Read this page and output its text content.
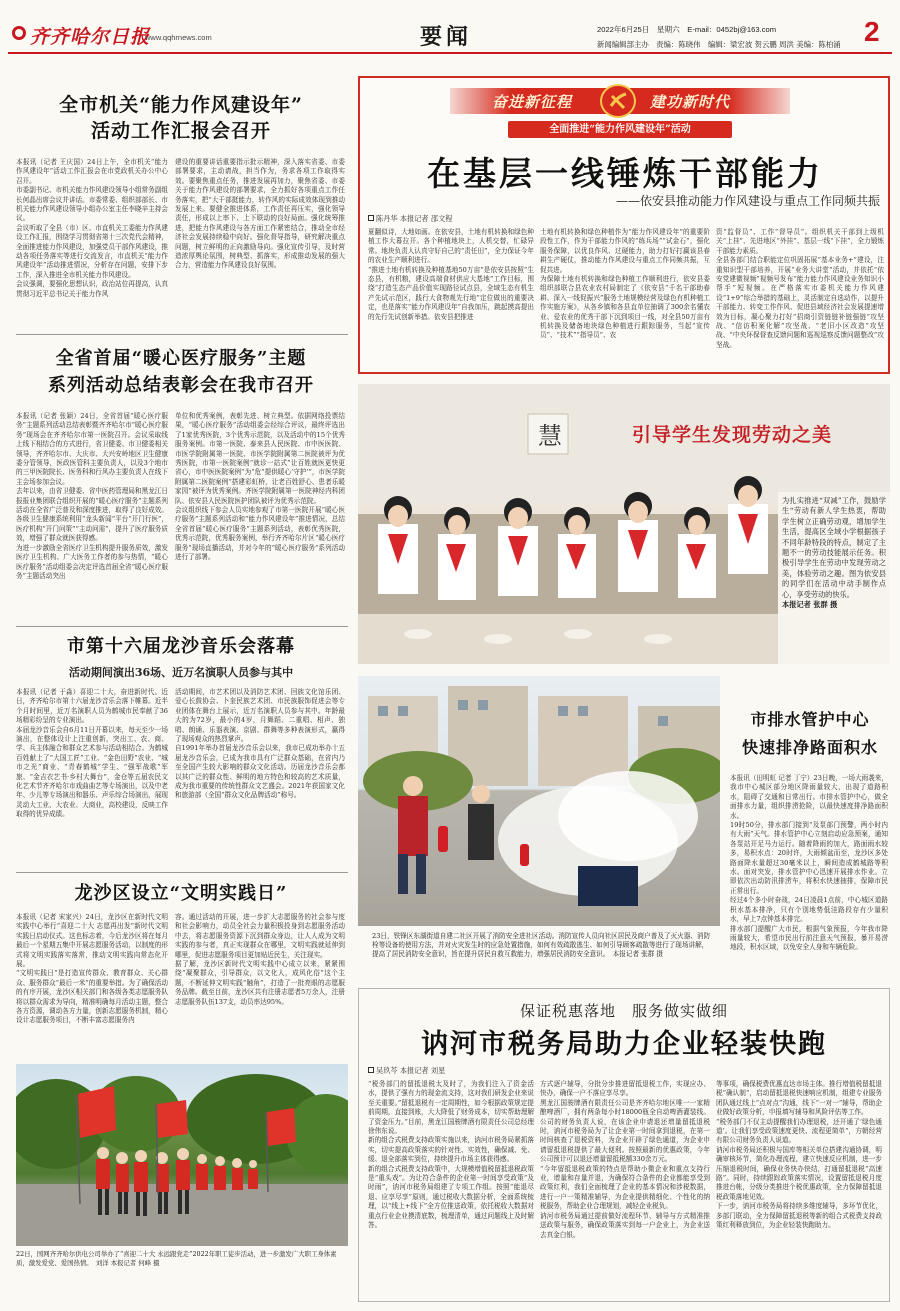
齐齐哈尔日报
www.qqhrnews.com	要闻	2022年6月25日　星期六　E-mail：0452bj@163.com
新闻编辑部主办　责编：陈晓伟　编辑：梁宏波 贺云鹏 周洪 美编：陈柏涌 2
全市机关“能力作风建设年”
活动工作汇报会召开
本报讯（记者 王庆国）24日上午，全市机关“能力作风建设年”活动工作汇报会在市党政机关办公中心召开。
市委副书记、市机关能力作风建设领导小组常务副组长何晶出席会议并讲话。市委常委、组织部部长、市机关能力作风建设领导小组办公室主任李晓辛主持会议。
会议听取了全县（市）区、市直机关工委能力作风建设工作汇报，围绕学习贯彻省第十三次党代会精神，全面推进能力作风建设，加强党员干部作风建设，推动各项任务落实等进行交流发言，市直机关“能力作风建设年”活动推进情况，分析存在问题，安排下步工作，深入推进全市机关能力作风建设。
会议强调，要强化思想认识，政治站位再提高，认真贯彻习近平总书记关于能力作风
建设的重要讲话重要指示批示精神，深入落实省委、市委部署要求，主动请战，担当作为，务求各项工作取得实效。要聚焦重点任务，推进发展再加力，聚焦省委、市委关于能力作风建设的部署要求，全力抓好各项重点工作任务落实，把“大干部挺能力，转作风的实际成效体现到推动发展上来。要健全推进体系，工作责任再压实，强化领导责任，形成以上率下、上下联动的良好局面。强化统筹推进，把能力作风建设与各方面工作紧密结合，推动全市经济社会发展持续稳中向好。强化督导指导，研究解决重点问题，树立鲜明的正向激励导向。强化宣传引导，及时营造浓厚舆论氛围，树典型、抓落实，形成推动发展的强大合力，营造能力作风建设良好氛围。
全省首届“暖心医疗服务”主题
系列活动总结表彰会在我市召开
本报讯（记者 张颖）24日，全省首届“暖心医疗服务”主题系列活动总结表彰暨齐齐哈尔市“暖心医疗服务”现场会在齐齐哈尔市第一医院召开。会议采取线上线下相结合的方式进行，省卫健委、市卫健委相关领导，齐齐哈尔市、大庆市、大兴安岭地区卫生健康委分管领导，医政医管科主要负责人，以及3个地市的三甲医院院长、医务科和行风办主要负责人在线下主会场参加会议。
去年以来，由省卫健委、省中医药管理局和黑龙江日报报业集团联合组织开展的“暖心医疗服务”主题系列活动在全省广泛普及和深度推进，取得了良好成效。各级卫生健康系统利用“龙头新闻”平台“开门行医”，医疗机构“开门问策”“主动问需”，提升了医疗服务质效，增强了群众就医获得感。
为进一步激励全省医疗卫生机构提升服务质效，激发医疗卫生机构、广大医务工作者的参与热情，“暖心医疗服务”活动组委会决定评选首届全省“暖心医疗服务”主题活动突出
单位和优秀案例，表彰先进、树立典型。依据网络投票结果，“暖心医疗服务”活动组委会经综合评议，最终评选出了1家优秀医院，3个优秀示范院，以及活动中的15个优秀服务案例。市第一医院、泰来县人民医院、市中医医院、市医学院附属第一医院、市医学院附属第二医院被评为优秀医院，市第一医院案例“就诊一站式”让百姓就医更快更省心，市中医医院案例“为“危”提供暖心‘守护’”，市医学院附属第二医院案例“搭建彩虹桥，让老百姓舒心、患者乐暖家园”被评为优秀案例。齐医学院附属第一医院神经内科团队、依安县人民医院医护团队被评为优秀示范院。
会议组织线下参会人员实地参观了市第一医院开展“暖心医疗服务”主题系列活动和“能力作风建设年”推进情况，总结全省首届“暖心医疗服务”主题系列活动，表彰优秀医院，优秀示范院，优秀服务案例，举行齐齐哈尔片区“暖心医疗服务”现场直播活动，并对今年的“暖心医疗服务”系列活动进行了部署。
市第十六届龙沙音乐会落幕
活动期间演出36场、近万名演职人员参与其中
本报讯（记者 于淼）喜迎二十大，奋进新时代。近日，齐齐哈尔市第十六届龙沙音乐会落下帷幕。近半个月时间里，近万名演职人员为鹤城市民奉献了36场精彩纷呈的专业演出。
本届龙沙音乐会自6月11日开幕以来，每天至少一场演出，在整体设计上注重创新，突出工、农、商、学、兵主体融合和群众艺术参与活动相结合。为鹤城百姓献上了“大国工匠”工业、“金色田野”农业、“城市之光”商业、“青春鹤城”学生、“强军战歌”军旅、“金吉衣艺书·乡村大舞台”，金仓等五届农民文化艺术节齐齐哈尔市戏曲曲艺等专场演出，以及中老年、少儿等专场演出和器乐、声乐综合场演出，展现灵动大工业、大农业、大商业，高校建设，反映工作取得的优异成绩。
活动期间，市艺术团以及消防艺术团、回族文化馆乐团、爱心长鼓协会、卜奎民族艺术团、市民族服饰促进会等专业团体在舞台上展示，近万名演职人员参与其中。年龄最大的为72岁，最小的4岁，月舞蹈、二重唱、相声、独唱、朗诵、乐器表演、京剧、群舞等多种表演形式，赢得了现场观众的热烈掌声。
自1991年举办首届龙沙音乐会以来，我市已成功举办十五届龙沙音乐会，已成为我市具有广泛群众基础，在省内乃至全国产生较大影响的群众文化活动。历届龙沙音乐会都以其广泛的群众性、鲜明的地方特色和较高的艺术质量，成为我市重要的传统性群众文艺盛会。2021年获国家文化和旅游部（全国“群众文化品牌活动”称号。
龙沙区设立“文明实践日”
本报讯（记者 宋家兴）24日，龙沙区在新时代文明实践中心举行“喜迎二十大 志愿再出发”新时代文明实践日启动仪式。这也标志着，今后龙沙区将在每月最后一个星期五集中开展志愿服务活动，以制度的形式将文明实践落实落常，推动文明实践向常态化开展。
“文明实践日”是打造宣传群众、教育群众、关心群众、服务群众“最后一米”的重要举措。为了确保活动的有序开展，龙沙区相关部门和各级各类志愿服务队将以群众需求为导向，精准明确每月活动主题，整合各方资源，调动各方力量，创新志愿服务机制，精心设计志愿服务项目，不断丰富志愿服务内
容。通过活动的开展，进一步扩大志愿服务的社会参与度和社会影响力，动员全社会力量积极投身到志愿服务活动中去，将志愿服务资源下沉到群众身边，让人人成为文明实践的参与者，真正实现群众在哪里，文明实践就延伸到哪里，促进志愿服务项目更加贴近民生，关注现实。
据了解，龙沙区新时代文明实践中心成立以来，紧紧围绕“凝聚群众，引导群众，以文化人，成风化俗”这个主题，不断延伸文明实践“触角”，打造了一批亮眼的志愿服务品牌。截至目前，龙沙区共有注册志愿者5万余人，注册志愿服务队伍137支，动员率达95%。
22日，国网齐齐哈尔供电公司举办了“喜迎二十大 永远跟党走”2022年职工徒步活动，进一步激发广大职工身体素质，激发爱党、爱国热情。　刘洋 本报记者 何峰 摄
奋进新征程	建功新时代
全面推进“能力作风建设年”活动
在基层一线锤炼干部能力
——依安县推动能力作风建设与重点工作同频共振
陈丹华 本报记者 邵文程
夏翻似诗，大地如画。在依安县，土地有机转换和绿色种植工作大幕拉开。各个种植地块上，人机交替，忙碌异常。地块负责人认真守好自己的“责任田”，全力保证今年的农业生产顺利进行。
“推进土地有机转换及种植基地50万亩”是依安县按照“生态县，有机粮，建设高端食材供应大基地”工作目标，围绕“打造生态产品价值实现路径试点县，全域生态有机生产先试示范区，践行大食物观先行地”定位做出的重要决定，也是落实“能力作风建设年”自我加压，跳起摸高提出的先行先试创新举措。依安县把推进
土地有机转换和绿色种植作为“能力作风建设年”的重要阶段性工作，作为干部能力作风的“练兵场”“试金石”，强化服务保障，以优良作风、过硬能力，助力打好打赢该县春耕生产硬仗，推动能力作风建设与重点工作同频共振，互促共进。
为保障土地有机转换和绿色种植工作顺利进行，依安县委组织部联合县农业农村局制定了《依安县“千名干部助春耕、深入一线促振兴”服务土地规模经营及绿色有机种植工作实施方案》，从各乡镇和各县直单位抽调了300余名懂农业、爱农业的优秀干部下沉到项目一线，对全县50万亩有机转换及储备地块绿色种植进行跟踪服务，当起“宣传员”、“技术”“指导员”、农
资“监督员”、工作“督导员”。组织机关干部到上级机关“上挂”、先进地区“外挂”、基层一线“下挂”，全力锻炼干部能力素质。
全县各部门结合职能定位巩固拓展“基本业务+”建设，注重知识型干部培养，开展“业务大讲堂”活动，并依托“依安党建微视频”视频号发布“能力能力作风建设业务知识小帮手”短视频。在严格落实市委机关能力作风建设“1+9”综合举措的基础上，灵活制定自选动作，以提升干部能力、转变工作作风、促进县域经济社会发展提速增效为目标，凝心聚力打好“招商引资链链补链强链”攻坚战、“信访积案化解”攻坚战、“老旧小区改造”攻坚战、“中央环保督查反馈问题和巡视巡察反馈问题整改”攻坚战。
慧	引导学生发现劳动之美
为扎实推进“双减”工作，鼓励学生“劳动有新人学生热衷，帮助学生树立正确劳动观，增加学生生活，提高区全域小学根据孩子不同年龄特段的特点，制定了主题不一的劳动技能展示任务。积极引导学生在劳动中发现劳动之美，体验劳动之趣。图为依安县的同学们在活动中动手制作点心，享受劳动的快乐。
本报记者 张群 摄
23日，铁锋区东湖街道自建二社区开展了消防安全进社区活动。消防宣传人员向社区居民及商户普及了灭火器、消防栓等设备的使用方法，并对火灾发生时的应急处置措施，如何有效疏散逃生、如何引导顾客疏散等进行了现场讲解，提高了居民消防安全意识，旨在提升居民自救互救能力，增强居民消防安全意识。　本报记者 张群 摄
市排水管护中心
快速排净路面积水
本报讯（田明虹 记者 丁宁）23日晚，一场大雨袭来，我市中心城区部分地区降雨量较大，出现了道路积水，阻碍了交通和日常出行。市排水管护中心，做全面排水力量，组织排涝抢险，以最快速度排净路面积水。
19时50分，排水部门接到“及泵部门预警，两小时内有大雨”天气。排水管护中心立刻启动应急预案，通知各泵站开足马力运行。随着降雨的加大，路面雨水较多，易积水点：20时许，大雨倾盆而至，龙沙区多处路面降水量超过30毫米以上，瞬间造成鹤城路等积水。面对突发，排水管护中心迅速开展排水作业。立即依次出动防汛排涝车，将积水快速抽排，保障市民正常出行。
经过4个多小时奋战，24日凌晨1点前，中心城区道路积水基本排净，只有个别地势低洼路段存有少量积水，早上7点钟基本排完。
排水部门提醒广大市民，根据气象预报，今年我市降雨量较大，希望市民出行前注意天气预报，暴开易涝地段，积水区域，以免安全人身和车辆危险。
保证税惠落地　服务做实做细
讷河市税务局助力企业轻装快跑
吴玖芩 本报记者 刘星
“税务部门的留抵退税太及时了，为我们注入了资金活水，提供了强有力的现金流支持，这对我们研发企业来说至关重要。”留抵退税有一定周期性，如今根据政策规定提前周期，直接到账，大大降低了财务成本，切实帮助理解了资金压力。”目前，黑龙江国骏牌酒有限责任公司总经理徐伟东说。
新的组合式税费支持政策实施以来，讷河市税务局紧抓落实，切实提高政策落实的针对性、实效性，确保减、免、缓、退全部落实到位，持续提升市场主体获得感。
新的组合式税费支持政策中，大规模增值税留抵退税政策是“重头戏”。为让符合条件的企业第一时间享受政策“及时雨”，讷河市税务局组建了专项工作组。按照“能退尽退、应享尽享”原则，通过税收大数据分析，全面系统梳理，以“线上+线下”全方位推送政策，依托税收大数据对重点行业企业摸清底数，梳理清单，通过问题线上及时解答。
方式逐户辅导，分批分步推进留抵退税工作，实现应办、快办，确保一户不落应享尽享。
黑龙江国骏牌酒有限责任公司是齐齐哈尔地区唯一一家精酿啤酒厂，拥有两条每小时18000瓶全自动啤酒灌装线。公司的财务负责人说，在该企业申请退还增量留抵退税时，讷河市税务局为了让企业第一时间拿到退税，在第一时间核查了退税资料，为企业开辟了绿色通道，为企业申请留抵退税提供了最大便利。按照最新的优惠政策，今年公司预计可以退还增量留抵税额330余万元。
“今年留抵退税政策的特点是帮助小微企业和重点支持行业，增量和存量并退，为确保符合条件的企业都能享受到政策红利，我们全面梳理了企业的基本情况和涉税数据，进行一户一策精准辅导，为企业提供精细化、个性化的纳税服务，帮助企业合理规划，减轻企业税负。
讷河市税务局通过提前做好流程环节、辅导与方式精准推送政策与服务，确保政策落实到每一户企业上，为企业送去真金白银。
等事项，确保税费优惠直达市场主体。推行增值税留抵退税“确认制”，启动留抵退税快速响应机制，组建专业服务团队通过线上“点对点”沟通，线下“一对一”辅导，帮助企业做好政策分析，申报填写辅导和风险评估等工作。
“税务部门不仅主动提醒我们办理退税，还开通了‘绿色通道’。让我们享受政策速度更快、流程更简单”，方朝经营有限公司财务负责人说道。
讷河市税务局还积极与国库等相关单位搭建沟通协调，明确审核环节，简化办理流程，建立快速反应机制，进一步压缩退税时间，确保业务快办快结，打通留抵退税“高速路”。同时，持续跟踪政策落实情况，设置留抵退税月度推进台帐，分级分类推进个税优惠政策，全力保障留抵退税政策落地见效。
下一步，讷河市税务局将持续多维度辅导，多环节优化，多部门联动，全力保障留抵退税等新的组合式税费支持政策红利释放到位，为企业轻装快跑助力。
